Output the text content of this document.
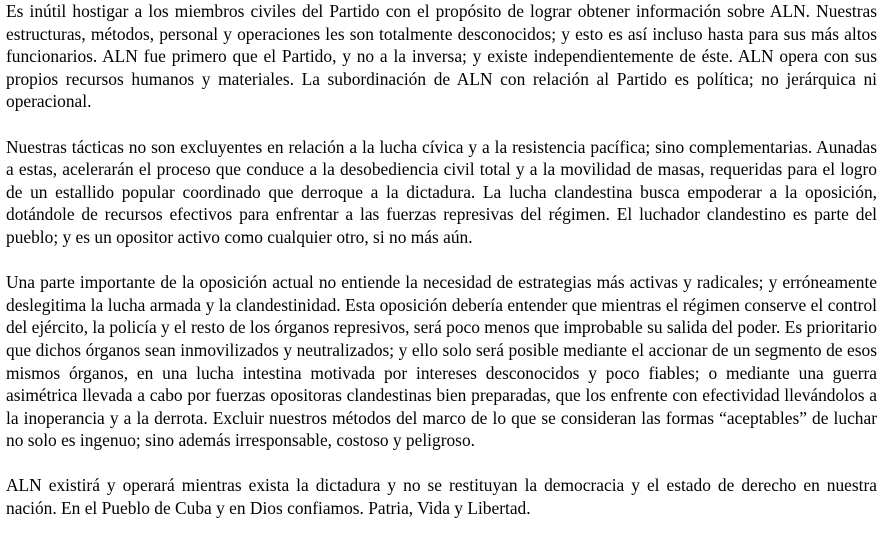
Es inútil hostigar a los miembros civiles del Partido con el propósito de lograr obtener información sobre ALN. Nuestras estructuras, métodos, personal y operaciones les son totalmente desconocidos; y esto es así incluso hasta para sus más altos funcionarios. ALN fue primero que el Partido, y no a la inversa; y existe independientemente de éste. ALN opera con sus propios recursos humanos y materiales. La subordinación de ALN con relación al Partido es política; no jerárquica ni operacional.

Nuestras tácticas no son excluyentes en relación a la lucha cívica y a la resistencia pacífica; sino complementarias. Aunadas a estas, acelerarán el proceso que conduce a la desobediencia civil total y a la movilidad de masas, requeridas para el logro de un estallido popular coordinado que derroque a la dictadura. La lucha clandestina busca empoderar a la oposición, dotándole de recursos efectivos para enfrentar a las fuerzas represivas del régimen. El luchador clandestino es parte del pueblo; y es un opositor activo como cualquier otro, si no más aún.

Una parte importante de la oposición actual no entiende la necesidad de estrategias más activas y radicales; y erróneamente deslegitima la lucha armada y la clandestinidad. Esta oposición debería entender que mientras el régimen conserve el control del ejército, la policía y el resto de los órganos represivos, será poco menos que improbable su salida del poder. Es prioritario que dichos órganos sean inmovilizados y neutralizados; y ello solo será posible mediante el accionar de un segmento de esos mismos órganos, en una lucha intestina motivada por intereses desconocidos y poco fiables; o mediante una guerra asimétrica llevada a cabo por fuerzas opositoras clandestinas bien preparadas, que los enfrente con efectividad llevándolos a la inoperancia y a la derrota. Excluir nuestros métodos del marco de lo que se consideran las formas “aceptables” de luchar no solo es ingenuo; sino además irresponsable, costoso y peligroso.

ALN existirá y operará mientras exista la dictadura y no se restituyan la democracia y el estado de derecho en nuestra nación. En el Pueblo de Cuba y en Dios confiamos. Patria, Vida y Libertad.
